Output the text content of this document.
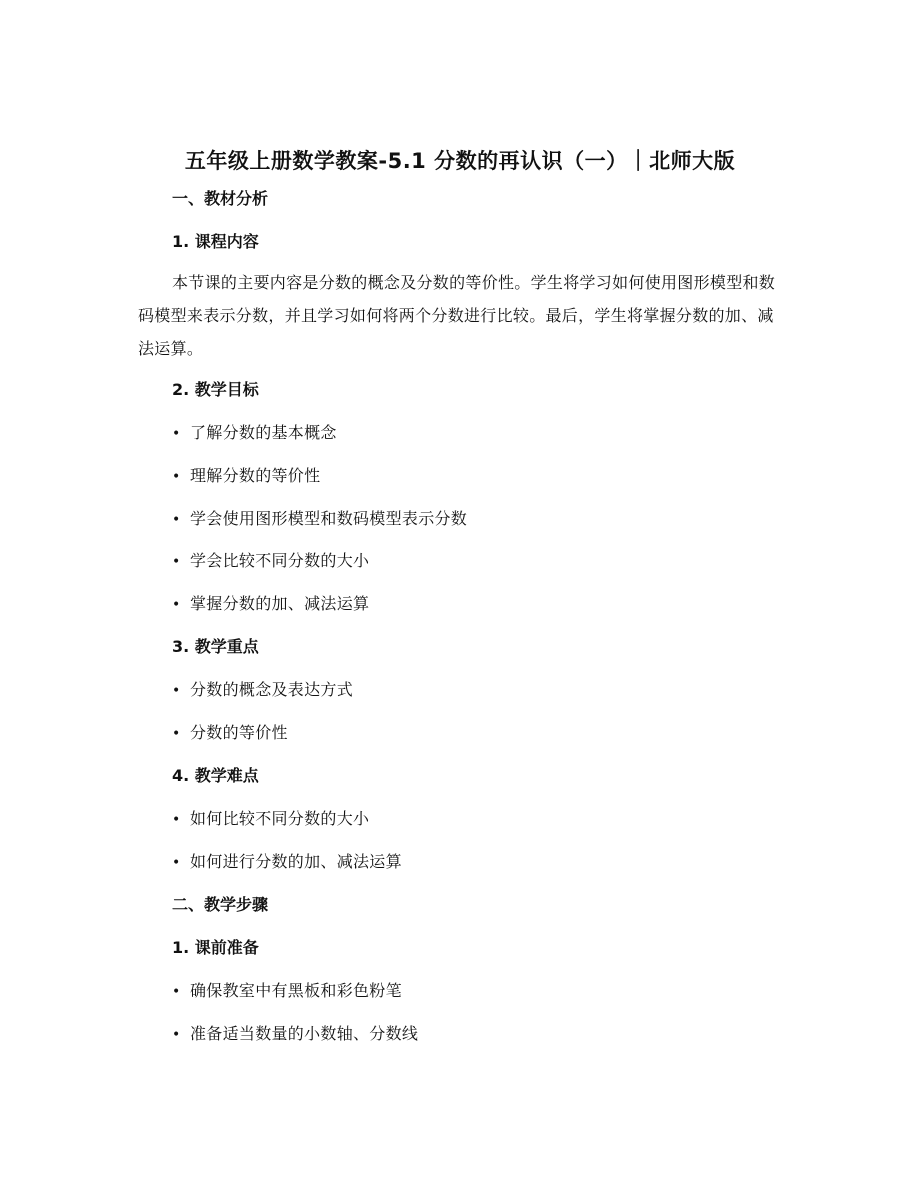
五年级上册数学教案-5.1 分数的再认识（一）｜北师大版
一、教材分析
1. 课程内容

本节课的主要内容是分数的概念及分数的等价性。学生将学习如何使用图形模型和数码模型来表示分数，并且学习如何将两个分数进行比较。最后，学生将掌握分数的加、减法运算。

2. 教学目标
• 了解分数的基本概念
• 理解分数的等价性
• 学会使用图形模型和数码模型表示分数
• 学会比较不同分数的大小
• 掌握分数的加、减法运算
3. 教学重点
• 分数的概念及表达方式
• 分数的等价性
4. 教学难点
• 如何比较不同分数的大小
• 如何进行分数的加、减法运算
二、教学步骤
1. 课前准备
• 确保教室中有黑板和彩色粉笔
• 准备适当数量的小数轴、分数线
